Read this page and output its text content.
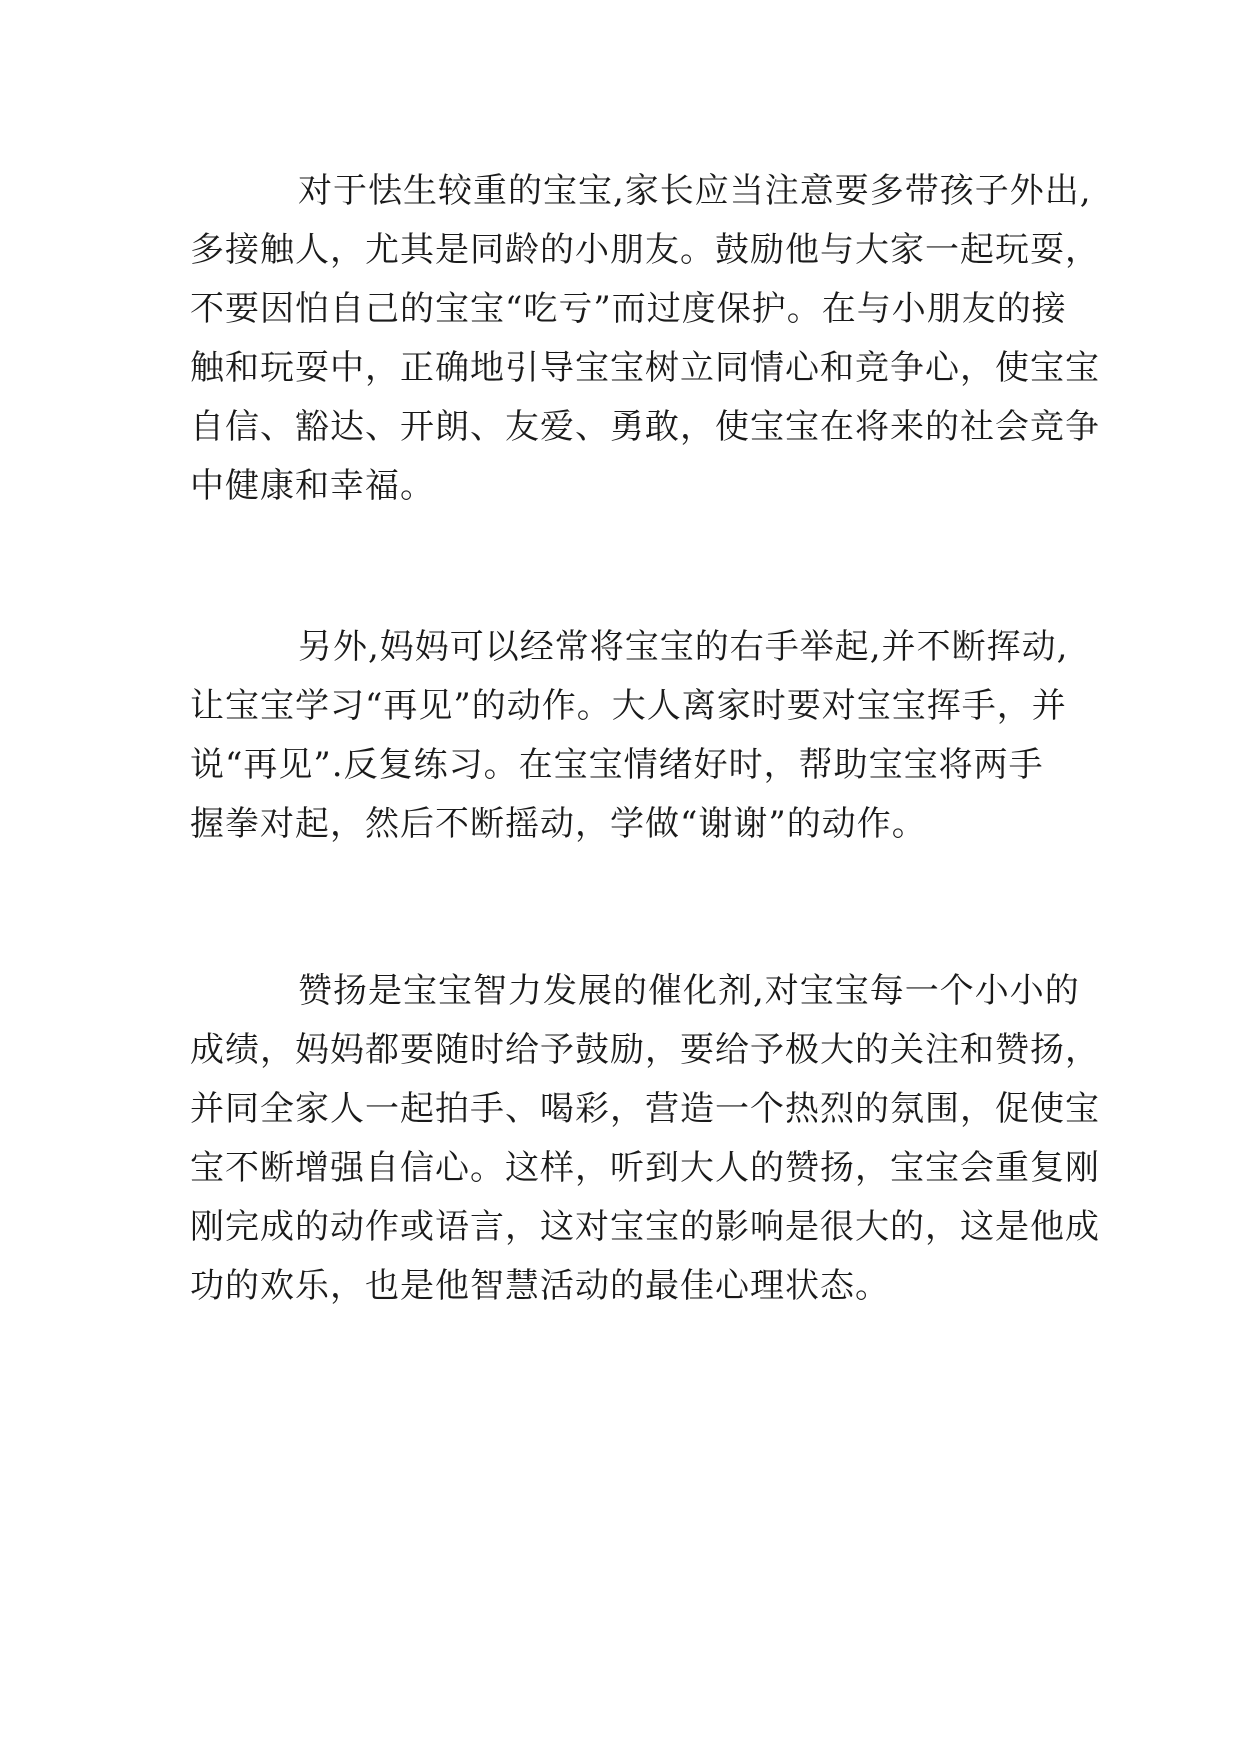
对于怯生较重的宝宝,家长应当注意要多带孩子外出,
多接触人，尤其是同龄的小朋友。鼓励他与大家一起玩耍，
不要因怕自己的宝宝“吃亏”而过度保护。在与小朋友的接
触和玩耍中，正确地引导宝宝树立同情心和竞争心，使宝宝
自信、豁达、开朗、友爱、勇敢，使宝宝在将来的社会竞争
中健康和幸福。

另外,妈妈可以经常将宝宝的右手举起,并不断挥动,
让宝宝学习“再见”的动作。大人离家时要对宝宝挥手，并
说“再见”.反复练习。在宝宝情绪好时，帮助宝宝将两手
握拳对起，然后不断摇动，学做“谢谢”的动作。

赞扬是宝宝智力发展的催化剂,对宝宝每一个小小的
成绩，妈妈都要随时给予鼓励，要给予极大的关注和赞扬，
并同全家人一起拍手、喝彩，营造一个热烈的氛围，促使宝
宝不断增强自信心。这样，听到大人的赞扬，宝宝会重复刚
刚完成的动作或语言，这对宝宝的影响是很大的，这是他成
功的欢乐，也是他智慧活动的最佳心理状态。
